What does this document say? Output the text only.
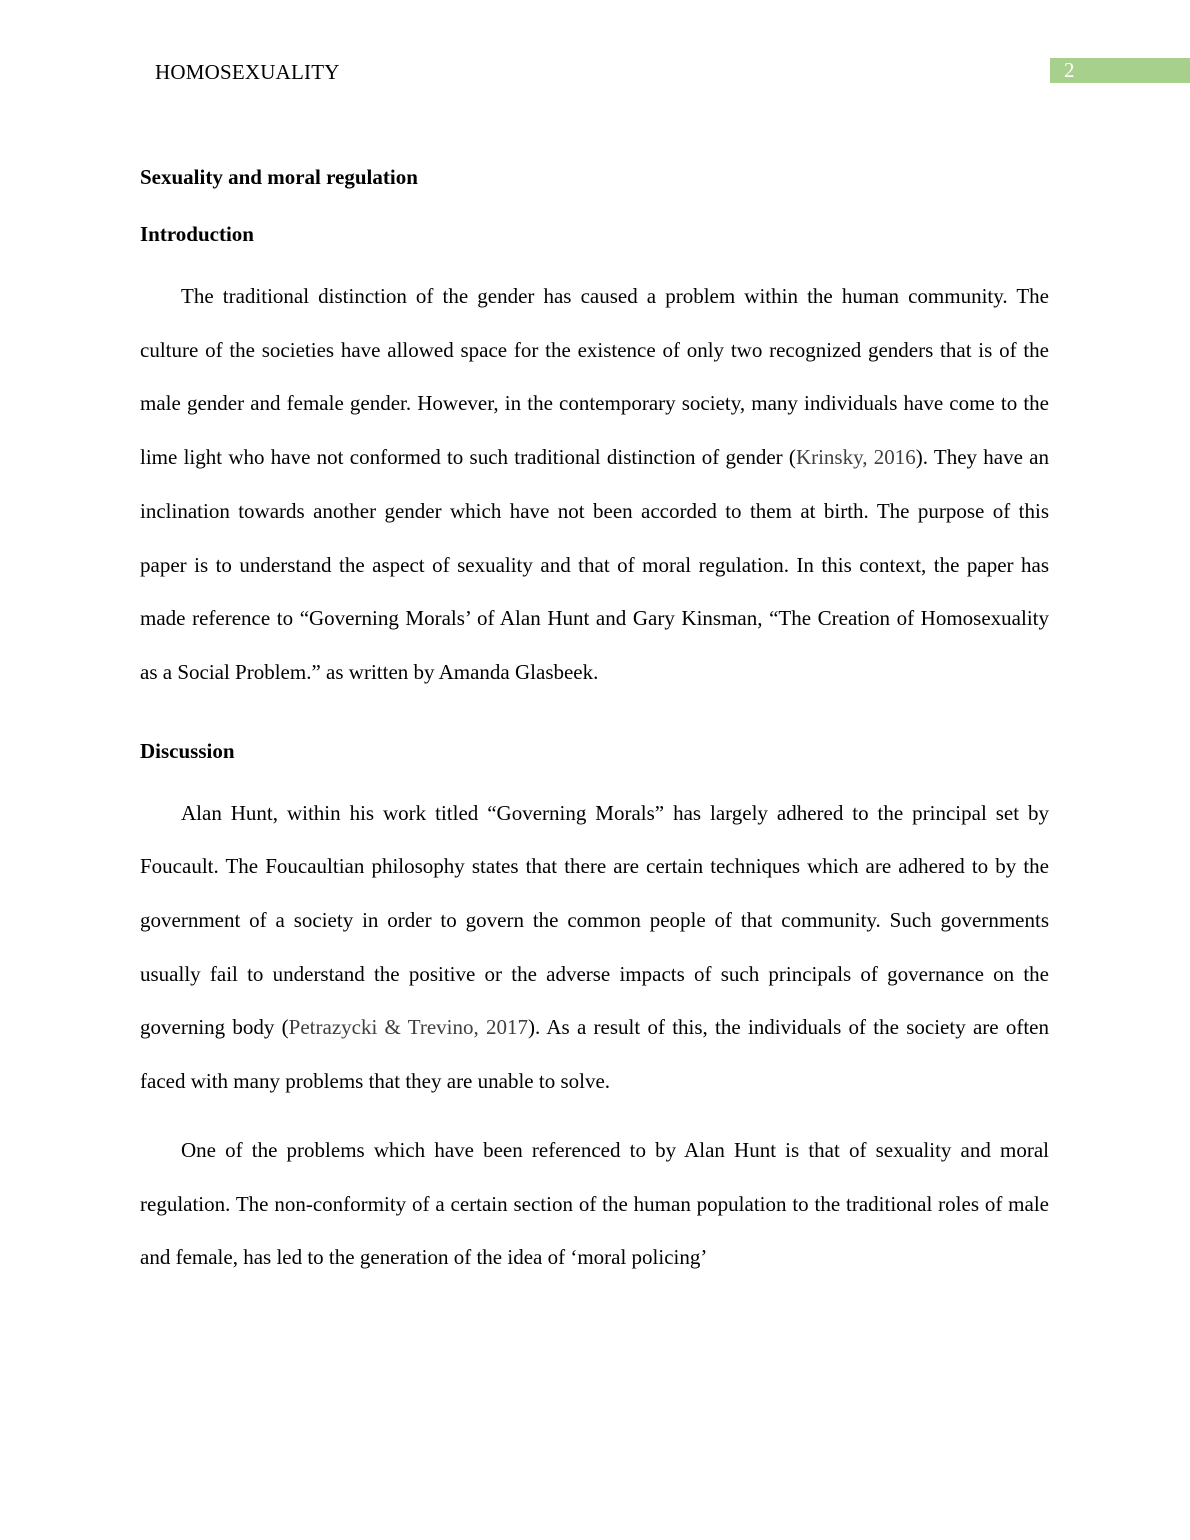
HOMOSEXUALITY	2
Sexuality and moral regulation
Introduction

The traditional distinction of the gender has caused a problem within the human community. The culture of the societies have allowed space for the existence of only two recognized genders that is of the male gender and female gender. However, in the contemporary society, many individuals have come to the lime light who have not conformed to such traditional distinction of gender (Krinsky, 2016). They have an inclination towards another gender which have not been accorded to them at birth. The purpose of this paper is to understand the aspect of sexuality and that of moral regulation. In this context, the paper has made reference to “Governing Morals’ of Alan Hunt and Gary Kinsman, “The Creation of Homosexuality as a Social Problem.” as written by Amanda Glasbeek.

Discussion

Alan Hunt, within his work titled “Governing Morals” has largely adhered to the principal set by Foucault. The Foucaultian philosophy states that there are certain techniques which are adhered to by the government of a society in order to govern the common people of that community. Such governments usually fail to understand the positive or the adverse impacts of such principals of governance on the governing body (Petrazycki & Trevino, 2017). As a result of this, the individuals of the society are often faced with many problems that they are unable to solve.

One of the problems which have been referenced to by Alan Hunt is that of sexuality and moral regulation. The non-conformity of a certain section of the human population to the traditional roles of male and female, has led to the generation of the idea of ‘moral policing’
